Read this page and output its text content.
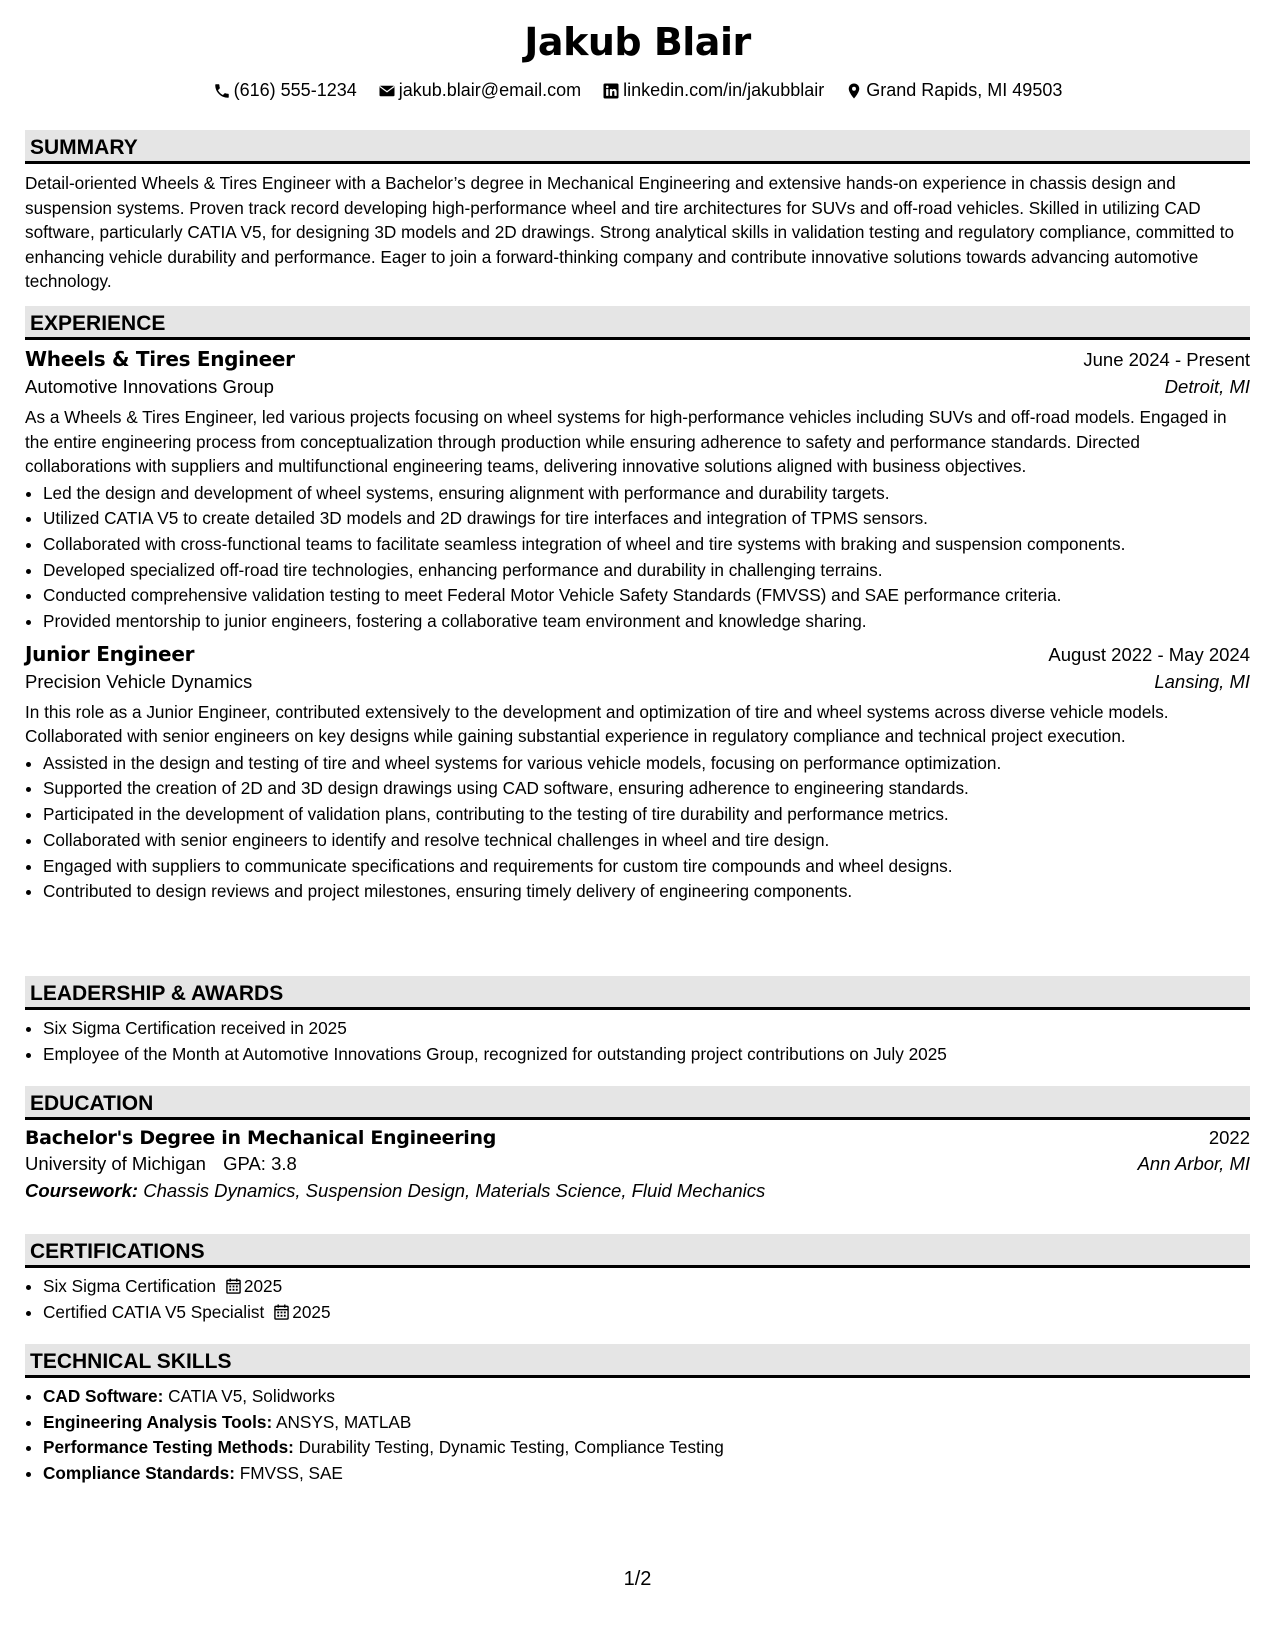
Jakub Blair
(616) 555-1234
jakub.blair@email.com
linkedin.com/in/jakubblair
Grand Rapids, MI 49503
SUMMARY

Detail-oriented Wheels & Tires Engineer with a Bachelor’s degree in Mechanical Engineering and extensive hands-on experience in chassis design and suspension systems. Proven track record developing high-performance wheel and tire architectures for SUVs and off-road vehicles. Skilled in utilizing CAD software, particularly CATIA V5, for designing 3D models and 2D drawings. Strong analytical skills in validation testing and regulatory compliance, committed to enhancing vehicle durability and performance. Eager to join a forward-thinking company and contribute innovative solutions towards advancing automotive technology.

EXPERIENCE
Wheels & Tires Engineer	June 2024 - Present
Automotive Innovations Group	Detroit, MI

As a Wheels & Tires Engineer, led various projects focusing on wheel systems for high-performance vehicles including SUVs and off-road models. Engaged in the entire engineering process from conceptualization through production while ensuring adherence to safety and performance standards. Directed collaborations with suppliers and multifunctional engineering teams, delivering innovative solutions aligned with business objectives.

• Led the design and development of wheel systems, ensuring alignment with performance and durability targets.
• Utilized CATIA V5 to create detailed 3D models and 2D drawings for tire interfaces and integration of TPMS sensors.
• Collaborated with cross-functional teams to facilitate seamless integration of wheel and tire systems with braking and suspension components.
• Developed specialized off-road tire technologies, enhancing performance and durability in challenging terrains.
• Conducted comprehensive validation testing to meet Federal Motor Vehicle Safety Standards (FMVSS) and SAE performance criteria.
• Provided mentorship to junior engineers, fostering a collaborative team environment and knowledge sharing.
Junior Engineer	August 2022 - May 2024
Precision Vehicle Dynamics	Lansing, MI

In this role as a Junior Engineer, contributed extensively to the development and optimization of tire and wheel systems across diverse vehicle models. Collaborated with senior engineers on key designs while gaining substantial experience in regulatory compliance and technical project execution.

• Assisted in the design and testing of tire and wheel systems for various vehicle models, focusing on performance optimization.
• Supported the creation of 2D and 3D design drawings using CAD software, ensuring adherence to engineering standards.
• Participated in the development of validation plans, contributing to the testing of tire durability and performance metrics.
• Collaborated with senior engineers to identify and resolve technical challenges in wheel and tire design.
• Engaged with suppliers to communicate specifications and requirements for custom tire compounds and wheel designs.
• Contributed to design reviews and project milestones, ensuring timely delivery of engineering components.
LEADERSHIP & AWARDS
• Six Sigma Certification received in 2025
• Employee of the Month at Automotive Innovations Group, recognized for outstanding project contributions on July 2025
EDUCATION
Bachelor's Degree in Mechanical Engineering	2022
University of Michigan GPA: 3.8	Ann Arbor, MI
Coursework: Chassis Dynamics, Suspension Design, Materials Science, Fluid Mechanics
CERTIFICATIONS
• Six Sigma Certification 2025
• Certified CATIA V5 Specialist 2025
TECHNICAL SKILLS
• CAD Software: CATIA V5, Solidworks
• Engineering Analysis Tools: ANSYS, MATLAB
• Performance Testing Methods: Durability Testing, Dynamic Testing, Compliance Testing
• Compliance Standards: FMVSS, SAE
1/2
